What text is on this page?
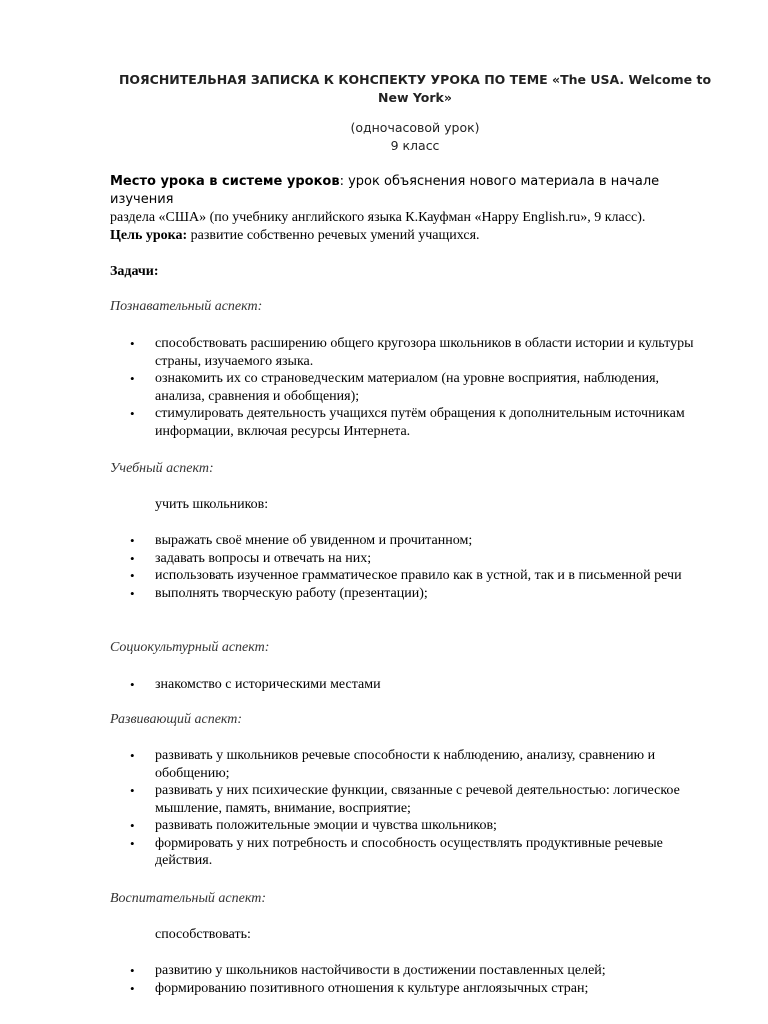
ПОЯСНИТЕЛЬНАЯ ЗАПИСКА К КОНСПЕКТУ УРОКА ПО ТЕМЕ «The USA. Welcome to New York»
(одночасовой урок)
9 класс
Место урока в системе уроков: урок объяснения нового материала в начале изучения
раздела «США» (по учебнику английского языка К.Кауфман «Happy English.ru», 9 класс).
Цель урока: развитие собственно речевых умений учащихся.
Задачи:
Познавательный аспект:
• способствовать расширению общего кругозора школьников в области истории и культуры страны, изучаемого языка.
• ознакомить их со страноведческим материалом (на уровне восприятия, наблюдения, анализа, сравнения и обобщения);
• стимулировать деятельность учащихся путём обращения к дополнительным источникам информации, включая ресурсы Интернета.
Учебный аспект:
учить школьников:
• выражать своё мнение об увиденном и прочитанном;
• задавать вопросы и отвечать на них;
• использовать изученное грамматическое правило как в устной, так и в письменной речи
• выполнять творческую работу (презентации);
Социокультурный аспект:
• знакомство с историческими местами
Развивающий аспект:
• развивать у школьников речевые способности к наблюдению, анализу, сравнению и обобщению;
• развивать у них психические функции, связанные с речевой деятельностью: логическое мышление, память, внимание, восприятие;
• развивать положительные эмоции и чувства школьников;
• формировать у них потребность и способность осуществлять продуктивные речевые действия.
Воспитательный аспект:
способствовать:
• развитию у школьников настойчивости в достижении поставленных целей;
• формированию позитивного отношения к культуре англоязычных стран;
